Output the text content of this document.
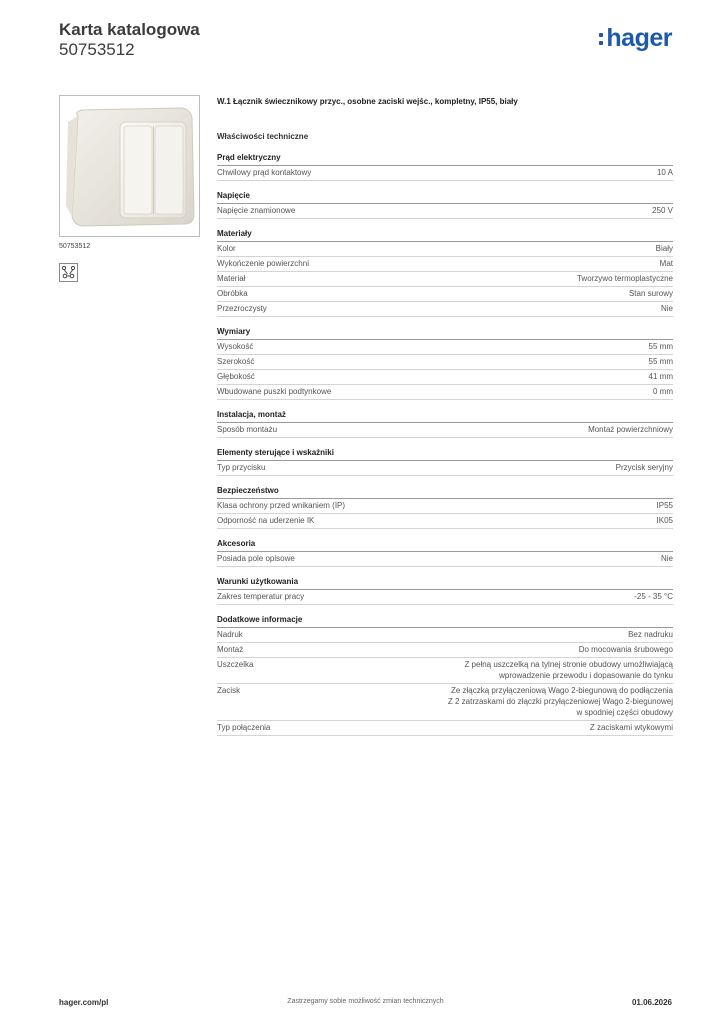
Karta katalogowa
50753512	hager
50753512
W.1 Łącznik świecznikowy przyc., osobne zaciski wejśc., kompletny, IP55, biały
Właściwości techniczne
Prąd elektryczny
Chwilowy prąd kontaktowy	10 A
Napięcie
Napięcie znamionowe	250 V
Materiały
Kolor	Biały
Wykończenie powierzchni	Mat
Materiał	Tworzywo termoplastyczne
Obróbka	Stan surowy
Przezroczysty	Nie
Wymiary
Wysokość	55 mm
Szerokość	55 mm
Głębokość	41 mm
Wbudowane puszki podtynkowe	0 mm
Instalacja, montaż
Sposób montażu	Montaż powierzchniowy
Elementy sterujące i wskaźniki
Typ przycisku	Przycisk seryjny
Bezpieczeństwo
Klasa ochrony przed wnikaniem (IP)	IP55
Odporność na uderzenie IK	IK05
Akcesoria
Posiada pole opisowe	Nie
Warunki użytkowania
Zakres temperatur pracy	-25 - 35 °C
Dodatkowe informacje
Nadruk	Bez nadruku
Montaż	Do mocowania śrubowego
Uszczelka	Z pełną uszczelką na tylnej stronie obudowy umożliwiającą
wprowadzenie przewodu i dopasowanie do tynku
Zacisk	Ze złączką przyłączeniową Wago 2-biegunową do podłączenia
Z 2 zatrzaskami do złączki przyłączeniowej Wago 2-biegunowej
w spodniej części obudowy
Typ połączenia	Z zaciskami wtykowymi
hager.com/pl	Zastrzegamy sobie możliwość zmian technicznych	01.06.2026
